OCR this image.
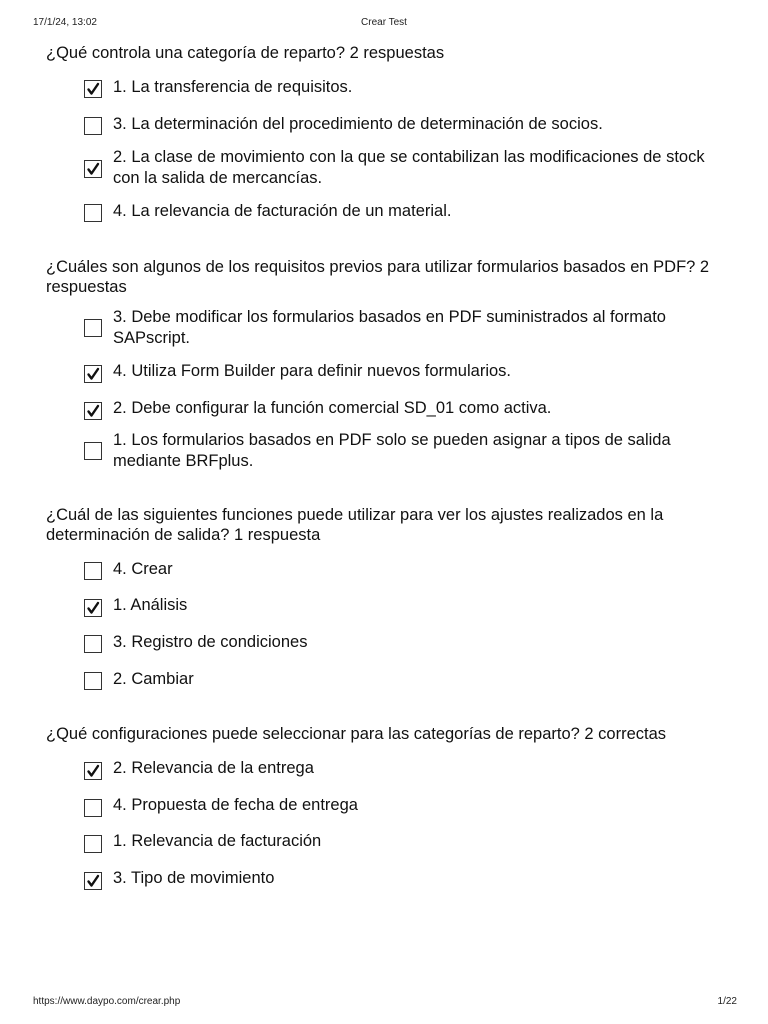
17/1/24, 13:02	Crear Test
¿Qué controla una categoría de reparto? 2 respuestas
1. La transferencia de requisitos.
3. La determinación del procedimiento de determinación de socios.
2. La clase de movimiento con la que se contabilizan las modificaciones de stock con la salida de mercancías.
4. La relevancia de facturación de un material.
¿Cuáles son algunos de los requisitos previos para utilizar formularios basados en PDF? 2 respuestas
3. Debe modificar los formularios basados en PDF suministrados al formato SAPscript.
4. Utiliza Form Builder para definir nuevos formularios.
2. Debe configurar la función comercial SD_01 como activa.
1. Los formularios basados en PDF solo se pueden asignar a tipos de salida mediante BRFplus.
¿Cuál de las siguientes funciones puede utilizar para ver los ajustes realizados en la determinación de salida? 1 respuesta
4. Crear
1. Análisis
3. Registro de condiciones
2. Cambiar
¿Qué configuraciones puede seleccionar para las categorías de reparto? 2 correctas
2. Relevancia de la entrega
4. Propuesta de fecha de entrega
1. Relevancia de facturación
3. Tipo de movimiento
https://www.daypo.com/crear.php	1/22
